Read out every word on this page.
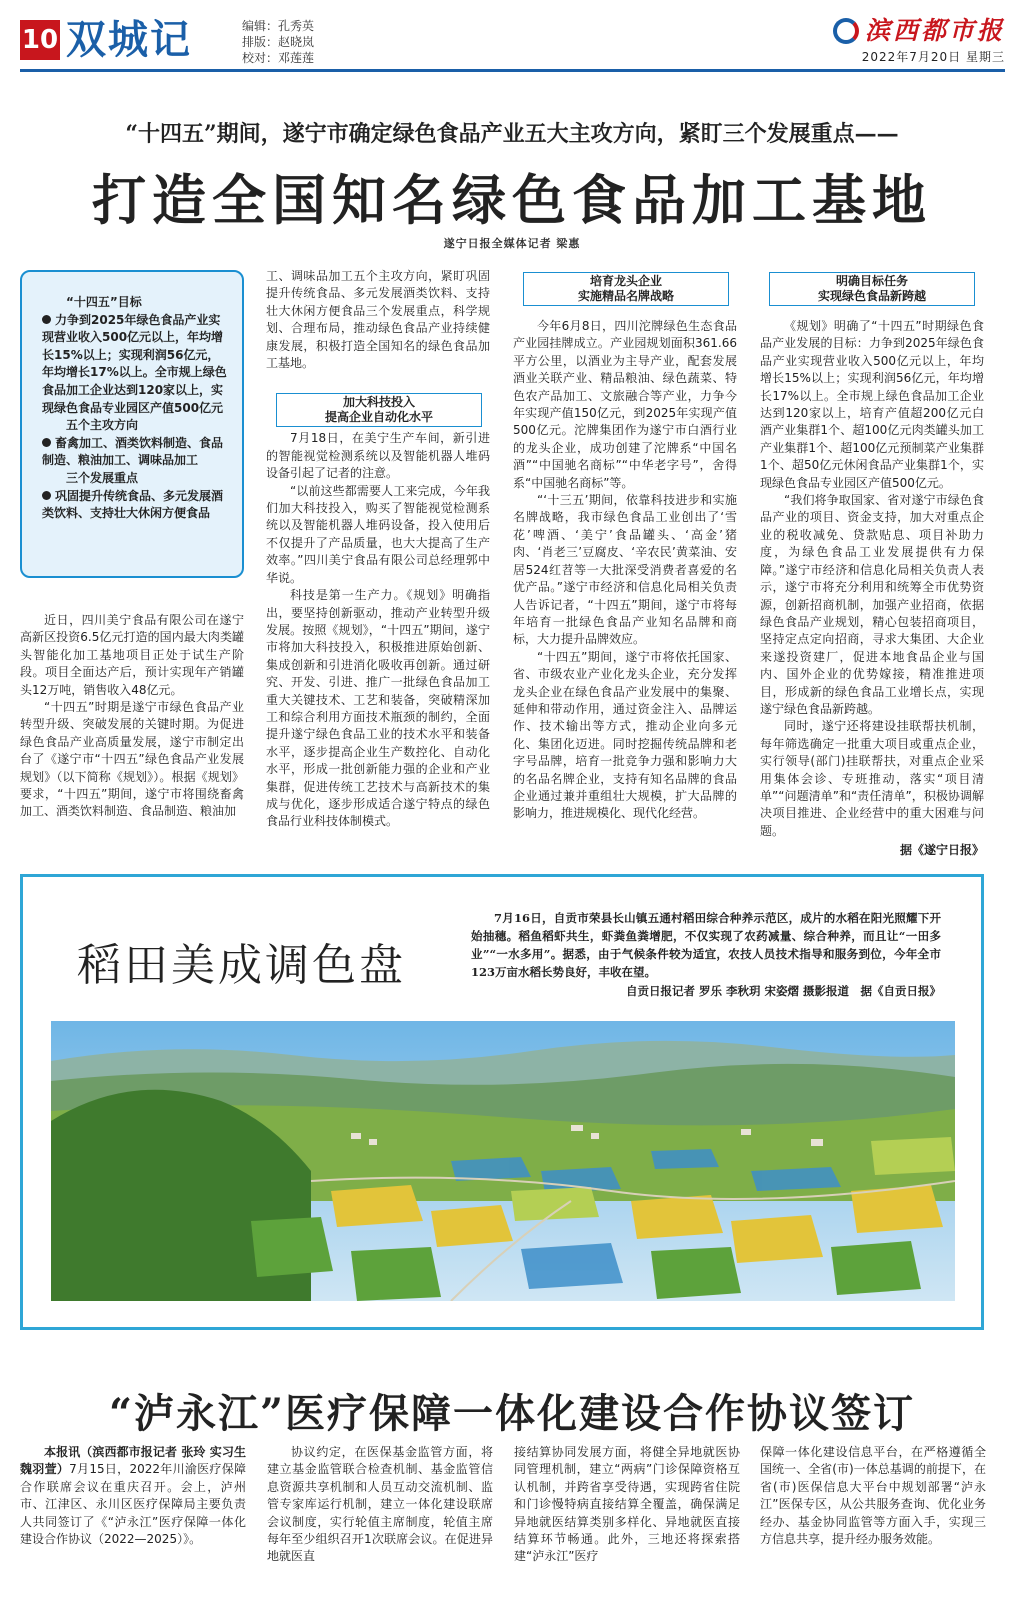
10 双城记	编辑：孔秀英
排版：赵晓岚
校对：邓莲莲
滨西都市报
2022年7月20日 星期三
“十四五”期间，遂宁市确定绿色食品产业五大主攻方向，紧盯三个发展重点——
打造全国知名绿色食品加工基地
遂宁日报全媒体记者 梁惠
“十四五”目标
力争到2025年绿色食品产业实现营业收入500亿元以上，年均增长15%以上；实现利润56亿元，年均增长17%以上。全市规上绿色食品加工企业达到120家以上，实现绿色食品专业园区产值500亿元
五个主攻方向
畜禽加工、酒类饮料制造、食品制造、粮油加工、调味品加工
三个发展重点
巩固提升传统食品、多元发展酒类饮料、支持壮大休闲方便食品

近日，四川美宁食品有限公司在遂宁高新区投资6.5亿元打造的国内最大肉类罐头智能化加工基地项目正处于试生产阶段。项目全面达产后，预计实现年产销罐头12万吨，销售收入48亿元。

“十四五”时期是遂宁市绿色食品产业转型升级、突破发展的关键时期。为促进绿色食品产业高质量发展，遂宁市制定出台了《遂宁市“十四五”绿色食品产业发展规划》（以下简称《规划》）。根据《规划》要求，“十四五”期间，遂宁市将围绕畜禽加工、酒类饮料制造、食品制造、粮油加

工、调味品加工五个主攻方向，紧盯巩固提升传统食品、多元发展酒类饮料、支持壮大休闲方便食品三个发展重点，科学规划、合理布局，推动绿色食品产业持续健康发展，积极打造全国知名的绿色食品加工基地。

7月18日，在美宁生产车间，新引进的智能视觉检测系统以及智能机器人堆码设备引起了记者的注意。

“以前这些都需要人工来完成，今年我们加大科技投入，购买了智能视觉检测系统以及智能机器人堆码设备，投入使用后不仅提升了产品质量，也大大提高了生产效率。”四川美宁食品有限公司总经理郭中华说。

科技是第一生产力。《规划》明确指出，要坚持创新驱动，推动产业转型升级发展。按照《规划》，“十四五”期间，遂宁市将加大科技投入，积极推进原始创新、集成创新和引进消化吸收再创新。通过研究、开发、引进、推广一批绿色食品加工重大关键技术、工艺和装备，突破精深加工和综合利用方面技术瓶颈的制约，全面提升遂宁绿色食品工业的技术水平和装备水平，逐步提高企业生产数控化、自动化水平，形成一批创新能力强的企业和产业集群，促进传统工艺技术与高新技术的集成与优化，逐步形成适合遂宁特点的绿色食品行业科技体制模式。

加大科技投入
提高企业自动化水平
培育龙头企业
实施精品名牌战略

今年6月8日，四川沱牌绿色生态食品产业园挂牌成立。产业园规划面积361.66平方公里，以酒业为主导产业，配套发展酒业关联产业、精品粮油、绿色蔬菜、特色农产品加工、文旅融合等产业，力争今年实现产值150亿元，到2025年实现产值500亿元。沱牌集团作为遂宁市白酒行业的龙头企业，成功创建了沱牌系“中国名酒”“中国驰名商标”“中华老字号”，舍得系“中国驰名商标”等。

“‘十三五’期间，依靠科技进步和实施名牌战略，我市绿色食品工业创出了‘雪花’啤酒、‘美宁’食品罐头、‘高金’猪肉、‘肖老三’豆腐皮、‘辛农民’黄菜油、安居524红苕等一大批深受消费者喜爱的名优产品。”遂宁市经济和信息化局相关负责人告诉记者，“十四五”期间，遂宁市将每年培育一批绿色食品产业知名品牌和商标，大力提升品牌效应。

“十四五”期间，遂宁市将依托国家、省、市级农业产业化龙头企业，充分发挥龙头企业在绿色食品产业发展中的集聚、延伸和带动作用，通过资金注入、品牌运作、技术输出等方式，推动企业向多元化、集团化迈进。同时挖掘传统品牌和老字号品牌，培育一批竞争力强和影响力大的名品名牌企业，支持有知名品牌的食品企业通过兼并重组壮大规模，扩大品牌的影响力，推进规模化、现代化经营。

明确目标任务
实现绿色食品新跨越

《规划》明确了“十四五”时期绿色食品产业发展的目标：力争到2025年绿色食品产业实现营业收入500亿元以上，年均增长15%以上；实现利润56亿元，年均增长17%以上。全市规上绿色食品加工企业达到120家以上，培育产值超200亿元白酒产业集群1个、超100亿元肉类罐头加工产业集群1个、超100亿元预制菜产业集群1个、超50亿元休闲食品产业集群1个，实现绿色食品专业园区产值500亿元。

“我们将争取国家、省对遂宁市绿色食品产业的项目、资金支持，加大对重点企业的税收减免、贷款贴息、项目补助力度，为绿色食品工业发展提供有力保障。”遂宁市经济和信息化局相关负责人表示，遂宁市将充分利用和统筹全市优势资源，创新招商机制，加强产业招商，依据绿色食品产业规划，精心包装招商项目，坚持定点定向招商，寻求大集团、大企业来遂投资建厂，促进本地食品企业与国内、国外企业的优势嫁接，精准推进项目，形成新的绿色食品工业增长点，实现遂宁绿色食品新跨越。

同时，遂宁还将建设挂联帮扶机制，每年筛选确定一批重大项目或重点企业，实行领导(部门)挂联帮扶，对重点企业采用集体会诊、专班推动，落实“项目清单”“问题清单”和“责任清单”，积极协调解决项目推进、企业经营中的重大困难与问题。

据《遂宁日报》
稻田美成调色盘
7月16日，自贡市荣县长山镇五通村稻田综合种养示范区，成片的水稻在阳光照耀下开始抽穗。稻鱼稻虾共生，虾粪鱼粪增肥，不仅实现了农药减量、综合种养，而且让“一田多业”“一水多用”。据悉，由于气候条件较为适宜，农技人员技术指导和服务到位，今年全市123万亩水稻长势良好，丰收在望。
自贡日报记者 罗乐 李秋玥 宋姿熠 摄影报道　据《自贡日报》
“泸永江”医疗保障一体化建设合作协议签订

本报讯（滨西都市报记者 张玲 实习生 魏羽萱）7月15日，2022年川渝医疗保障合作联席会议在重庆召开。会上，泸州市、江津区、永川区医疗保障局主要负责人共同签订了《“泸永江”医疗保障一体化建设合作协议（2022—2025）》。

协议约定，在医保基金监管方面，将建立基金监管联合检查机制、基金监管信息资源共享机制和人员互动交流机制、监管专家库运行机制，建立一体化建设联席会议制度，实行轮值主席制度，轮值主席每年至少组织召开1次联席会议。在促进异地就医直

接结算协同发展方面，将健全异地就医协同管理机制，建立“两病”门诊保障资格互认机制，并跨省享受待遇，实现跨省住院和门诊慢特病直接结算全覆盖，确保满足异地就医结算类别多样化、异地就医直接结算环节畅通。此外，三地还将探索搭建“泸永江”医疗
保障一体化建设信息平台，在严格遵循全国统一、全省(市)一体总基调的前提下，在省(市)医保信息大平台中规划部署“泸永江”医保专区，从公共服务查询、优化业务经办、基金协同监管等方面入手，实现三方信息共享，提升经办服务效能。
